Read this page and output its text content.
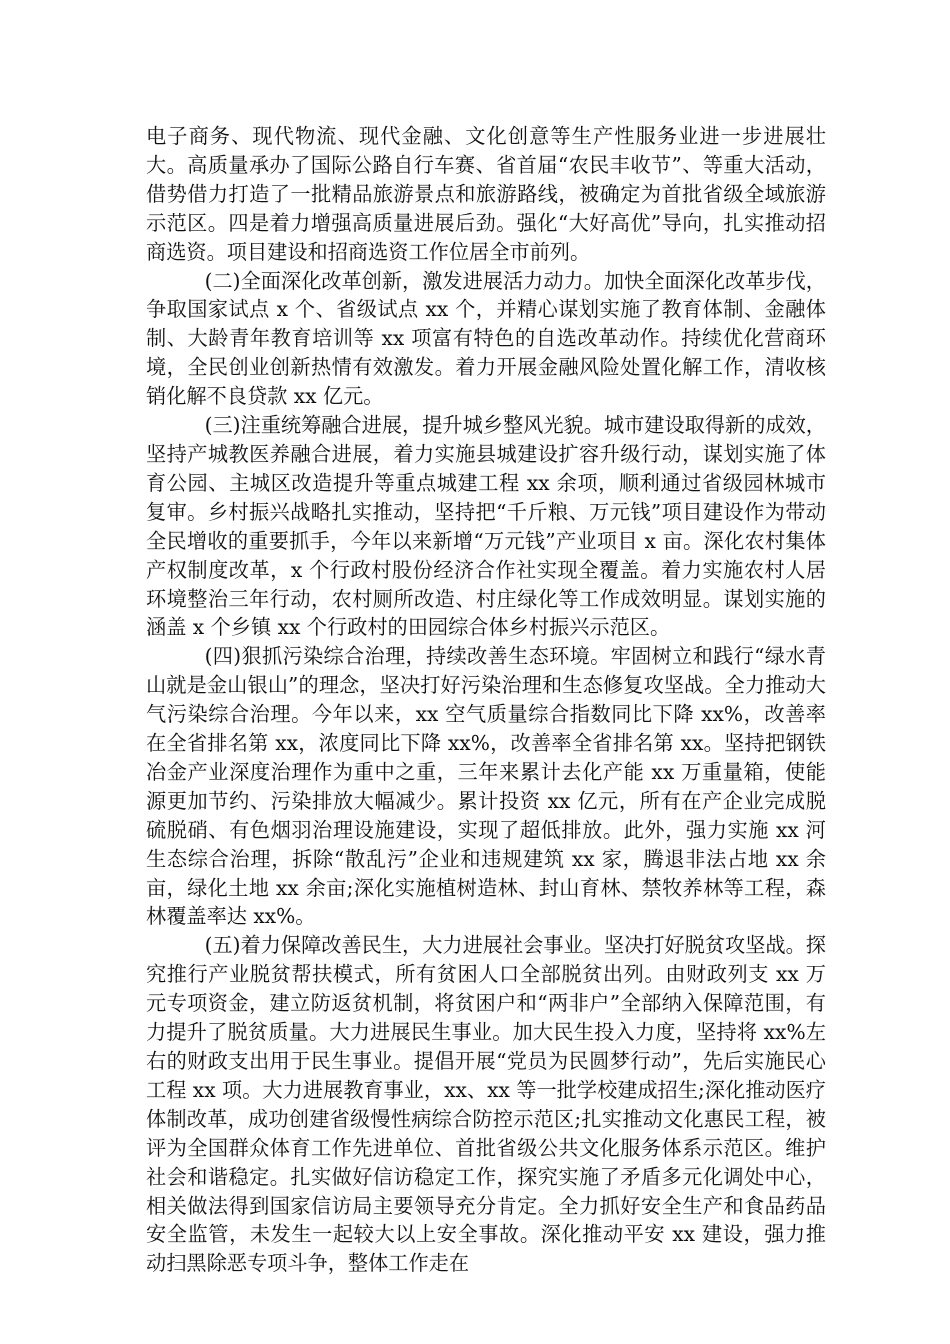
电子商务、现代物流、现代金融、文化创意等生产性服务业进一步进展壮大。高质量承办了国际公路自行车赛、省首届“农民丰收节”、等重大活动，借势借力打造了一批精品旅游景点和旅游路线，被确定为首批省级全域旅游示范区。四是着力增强高质量进展后劲。强化“大好高优”导向，扎实推动招商选资。项目建设和招商选资工作位居全市前列。

(二)全面深化改革创新，激发进展活力动力。加快全面深化改革步伐，争取国家试点 x 个、省级试点 xx 个，并精心谋划实施了教育体制、金融体制、大龄青年教育培训等 xx 项富有特色的自选改革动作。持续优化营商环境，全民创业创新热情有效激发。着力开展金融风险处置化解工作，清收核销化解不良贷款 xx 亿元。

(三)注重统筹融合进展，提升城乡整风光貌。城市建设取得新的成效，坚持产城教医养融合进展，着力实施县城建设扩容升级行动，谋划实施了体育公园、主城区改造提升等重点城建工程 xx 余项，顺利通过省级园林城市复审。乡村振兴战略扎实推动，坚持把“千斤粮、万元钱”项目建设作为带动全民增收的重要抓手，今年以来新增“万元钱”产业项目 x 亩。深化农村集体产权制度改革，x 个行政村股份经济合作社实现全覆盖。着力实施农村人居环境整治三年行动，农村厕所改造、村庄绿化等工作成效明显。谋划实施的涵盖 x 个乡镇 xx 个行政村的田园综合体乡村振兴示范区。

(四)狠抓污染综合治理，持续改善生态环境。牢固树立和践行“绿水青山就是金山银山”的理念，坚决打好污染治理和生态修复攻坚战。全力推动大气污染综合治理。今年以来，xx 空气质量综合指数同比下降 xx%，改善率在全省排名第 xx，浓度同比下降 xx%，改善率全省排名第 xx。坚持把钢铁冶金产业深度治理作为重中之重，三年来累计去化产能 xx 万重量箱，使能源更加节约、污染排放大幅减少。累计投资 xx 亿元，所有在产企业完成脱硫脱硝、有色烟羽治理设施建设，实现了超低排放。此外，强力实施 xx 河生态综合治理，拆除“散乱污”企业和违规建筑 xx 家，腾退非法占地 xx 余亩，绿化土地 xx 余亩;深化实施植树造林、封山育林、禁牧养林等工程，森林覆盖率达 xx%。

(五)着力保障改善民生，大力进展社会事业。坚决打好脱贫攻坚战。探究推行产业脱贫帮扶模式，所有贫困人口全部脱贫出列。由财政列支 xx 万元专项资金，建立防返贫机制，将贫困户和“两非户”全部纳入保障范围，有力提升了脱贫质量。大力进展民生事业。加大民生投入力度，坚持将 xx%左右的财政支出用于民生事业。提倡开展“党员为民圆梦行动”，先后实施民心工程 xx 项。大力进展教育事业，xx、xx 等一批学校建成招生;深化推动医疗体制改革，成功创建省级慢性病综合防控示范区;扎实推动文化惠民工程，被评为全国群众体育工作先进单位、首批省级公共文化服务体系示范区。维护社会和谐稳定。扎实做好信访稳定工作，探究实施了矛盾多元化调处中心，相关做法得到国家信访局主要领导充分肯定。全力抓好安全生产和食品药品安全监管，未发生一起较大以上安全事故。深化推动平安 xx 建设，强力推动扫黑除恶专项斗争，整体工作走在
